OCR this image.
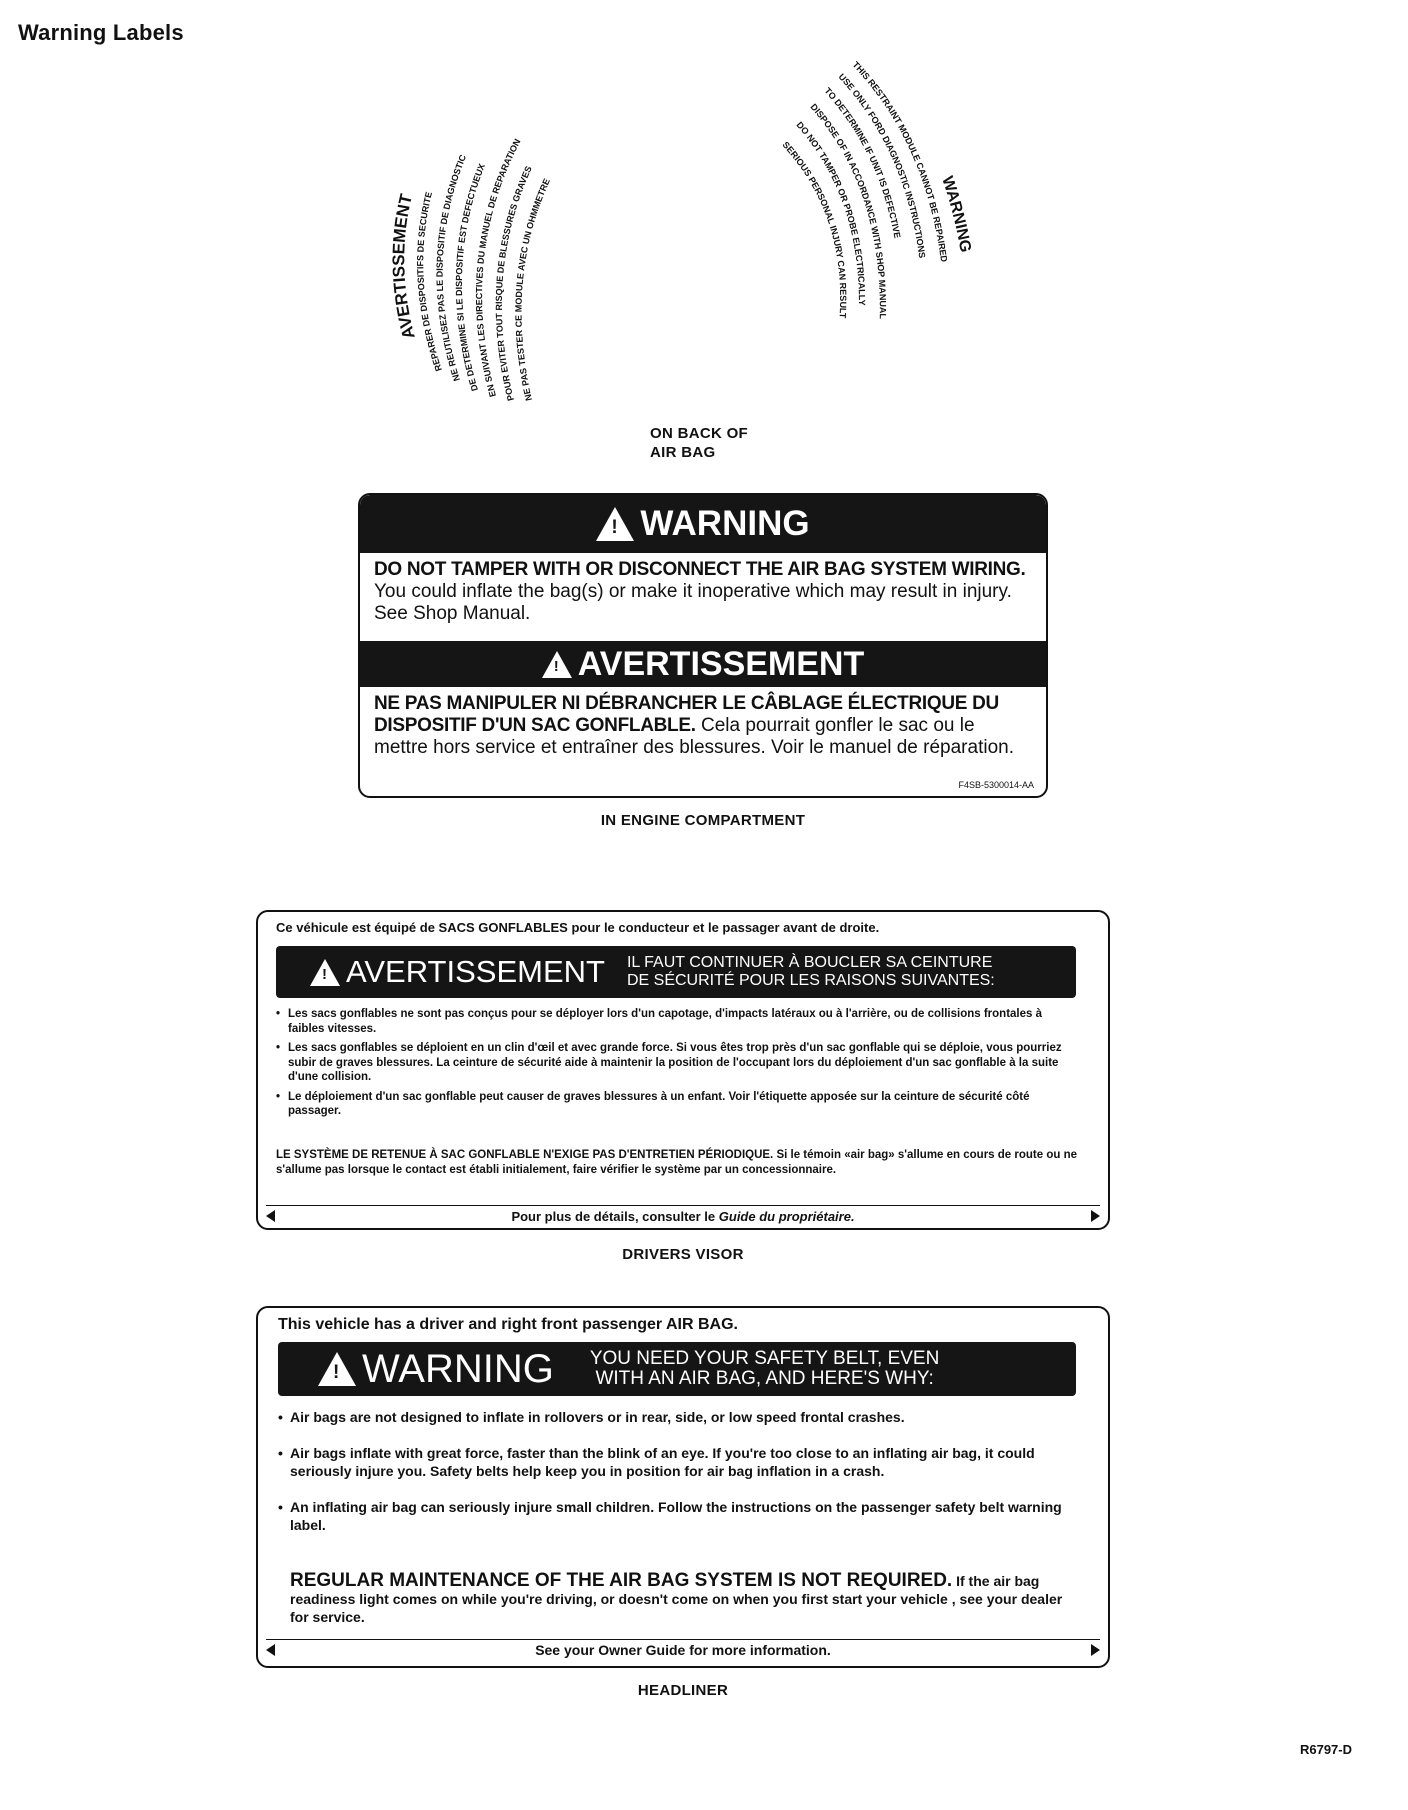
Warning Labels
AVERTISSEMENT
REPARER DE DISPOSITIFS DE SECURITE
NE REUTILISEZ PAS LE DISPOSITIF DE DIAGNOSTIC
DE DETERMINE SI LE DISPOSITIF EST DEFECTUEUX
EN SUIVANT LES DIRECTIVES DU MANUEL DE REPARATION
POUR EVITER TOUT RISQUE DE BLESSURES GRAVES
NE PAS TESTER CE MODULE AVEC UN OHMMETRE	WARNING
THIS RESTRAINT MODULE CANNOT BE REPAIRED
USE ONLY FORD DIAGNOSTIC INSTRUCTIONS
TO DETERMINE IF UNIT IS DEFECTIVE
DISPOSE OF IN ACCORDANCE WITH SHOP MANUAL
DO NOT TAMPER OR PROBE ELECTRICALLY
SERIOUS PERSONAL INJURY CAN RESULT
ON BACK OF
AIR BAG
!
WARNING
DO NOT TAMPER WITH OR DISCONNECT THE AIR BAG SYSTEM WIRING. You could inflate the bag(s) or make it inoperative which may result in injury. See Shop Manual.
!
AVERTISSEMENT
NE PAS MANIPULER NI DÉBRANCHER LE CÂBLAGE ÉLECTRIQUE DU DISPOSITIF D'UN SAC GONFLABLE. Cela pourrait gonfler le sac ou le mettre hors service et entraîner des blessures. Voir le manuel de réparation.
F4SB-5300014-AA
IN ENGINE COMPARTMENT
Ce véhicule est équipé de SACS GONFLABLES pour le conducteur et le passager avant de droite.
!
AVERTISSEMENT IL FAUT CONTINUER À BOUCLER SA CEINTURE
DE SÉCURITÉ POUR LES RAISONS SUIVANTES:
• Les sacs gonflables ne sont pas conçus pour se déployer lors d'un capotage, d'impacts latéraux ou à l'arrière, ou de collisions frontales à faibles vitesses.
• Les sacs gonflables se déploient en un clin d'œil et avec grande force. Si vous êtes trop près d'un sac gonflable qui se déploie, vous pourriez subir de graves blessures. La ceinture de sécurité aide à maintenir la position de l'occupant lors du déploiement d'un sac gonflable à la suite d'une collision.
• Le déploiement d'un sac gonflable peut causer de graves blessures à un enfant. Voir l'étiquette apposée sur la ceinture de sécurité côté passager.
LE SYSTÈME DE RETENUE À SAC GONFLABLE N'EXIGE PAS D'ENTRETIEN PÉRIODIQUE. Si le témoin «air bag» s'allume en cours de route ou ne s'allume pas lorsque le contact est établi initialement, faire vérifier le système par un concessionnaire.
Pour plus de détails, consulter le Guide du propriétaire.
DRIVERS VISOR
This vehicle has a driver and right front passenger AIR BAG.
!
WARNING YOU NEED YOUR SAFETY BELT, EVEN
WITH AN AIR BAG, AND HERE'S WHY:
• Air bags are not designed to inflate in rollovers or in rear, side, or low speed frontal crashes.
• Air bags inflate with great force, faster than the blink of an eye. If you're too close to an inflating air bag, it could seriously injure you. Safety belts help keep you in position for air bag inflation in a crash.
• An inflating air bag can seriously injure small children. Follow the instructions on the passenger safety belt warning label.
REGULAR MAINTENANCE OF THE AIR BAG SYSTEM IS NOT REQUIRED. If the air bag readiness light comes on while you're driving, or doesn't come on when you first start your vehicle , see your dealer for service.
See your Owner Guide for more information.
HEADLINER
R6797-D
